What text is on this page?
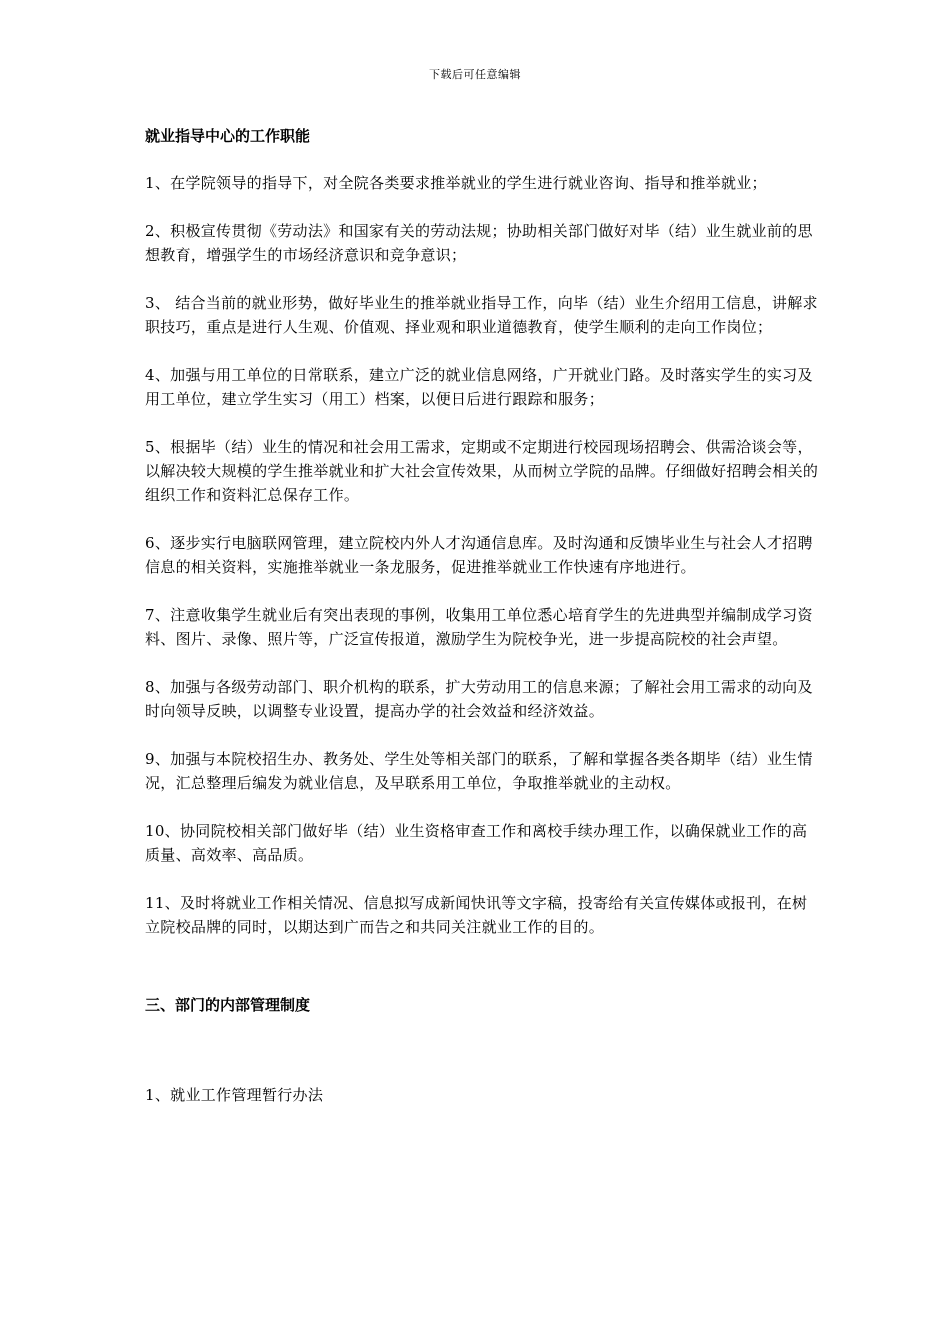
下载后可任意编辑

就业指导中心的工作职能

1、在学院领导的指导下，对全院各类要求推举就业的学生进行就业咨询、指导和推举就业；

2、积极宣传贯彻《劳动法》和国家有关的劳动法规；协助相关部门做好对毕（结）业生就业前的思想教育，增强学生的市场经济意识和竞争意识；

3、 结合当前的就业形势，做好毕业生的推举就业指导工作，向毕（结）业生介绍用工信息，讲解求职技巧，重点是进行人生观、价值观、择业观和职业道德教育，使学生顺利的走向工作岗位；

4、加强与用工单位的日常联系，建立广泛的就业信息网络，广开就业门路。及时落实学生的实习及用工单位，建立学生实习（用工）档案，以便日后进行跟踪和服务；

5、根据毕（结）业生的情况和社会用工需求，定期或不定期进行校园现场招聘会、供需洽谈会等，以解决较大规模的学生推举就业和扩大社会宣传效果，从而树立学院的品牌。仔细做好招聘会相关的组织工作和资料汇总保存工作。

6、逐步实行电脑联网管理，建立院校内外人才沟通信息库。及时沟通和反馈毕业生与社会人才招聘信息的相关资料，实施推举就业一条龙服务，促进推举就业工作快速有序地进行。

7、注意收集学生就业后有突出表现的事例，收集用工单位悉心培育学生的先进典型并编制成学习资料、图片、录像、照片等，广泛宣传报道，激励学生为院校争光，进一步提高院校的社会声望。

8、加强与各级劳动部门、职介机构的联系，扩大劳动用工的信息来源；了解社会用工需求的动向及时向领导反映，以调整专业设置，提高办学的社会效益和经济效益。

9、加强与本院校招生办、教务处、学生处等相关部门的联系，了解和掌握各类各期毕（结）业生情况，汇总整理后编发为就业信息，及早联系用工单位，争取推举就业的主动权。

10、协同院校相关部门做好毕（结）业生资格审查工作和离校手续办理工作，以确保就业工作的高质量、高效率、高品质。

11、及时将就业工作相关情况、信息拟写成新闻快讯等文字稿，投寄给有关宣传媒体或报刊，在树立院校品牌的同时，以期达到广而告之和共同关注就业工作的目的。

三、部门的内部管理制度

1、就业工作管理暂行办法
